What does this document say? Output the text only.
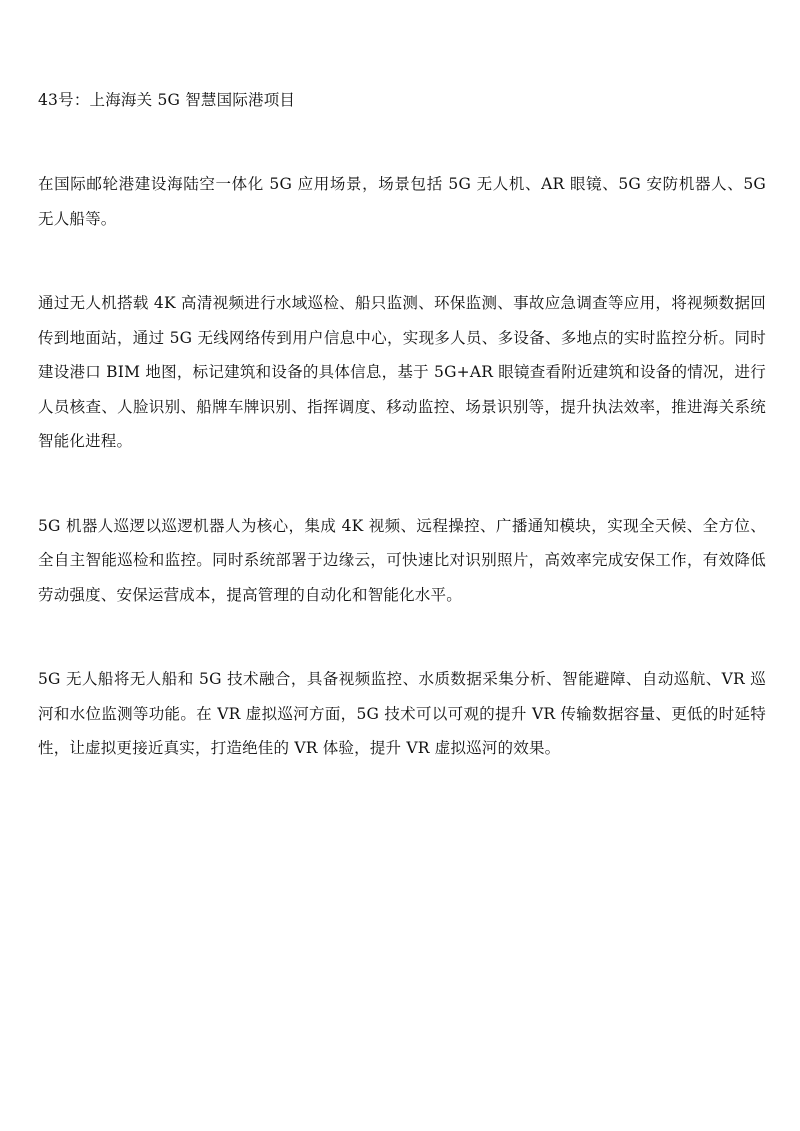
43号：上海海关 5G 智慧国际港项目

在国际邮轮港建设海陆空一体化 5G 应用场景，场景包括 5G 无人机、AR 眼镜、5G 安防机器人、5G 无人船等。

通过无人机搭载 4K 高清视频进行水域巡检、船只监测、环保监测、事故应急调查等应用，将视频数据回传到地面站，通过 5G 无线网络传到用户信息中心，实现多人员、多设备、多地点的实时监控分析。同时建设港口 BIM 地图，标记建筑和设备的具体信息，基于 5G+AR 眼镜查看附近建筑和设备的情况，进行人员核查、人脸识别、船牌车牌识别、指挥调度、移动监控、场景识别等，提升执法效率，推进海关系统智能化进程。

5G 机器人巡逻以巡逻机器人为核心，集成 4K 视频、远程操控、广播通知模块，实现全天候、全方位、全自主智能巡检和监控。同时系统部署于边缘云，可快速比对识别照片，高效率完成安保工作，有效降低劳动强度、安保运营成本，提高管理的自动化和智能化水平。

5G 无人船将无人船和 5G 技术融合，具备视频监控、水质数据采集分析、智能避障、自动巡航、VR 巡河和水位监测等功能。在 VR 虚拟巡河方面，5G 技术可以可观的提升 VR 传输数据容量、更低的时延特性，让虚拟更接近真实，打造绝佳的 VR 体验，提升 VR 虚拟巡河的效果。
